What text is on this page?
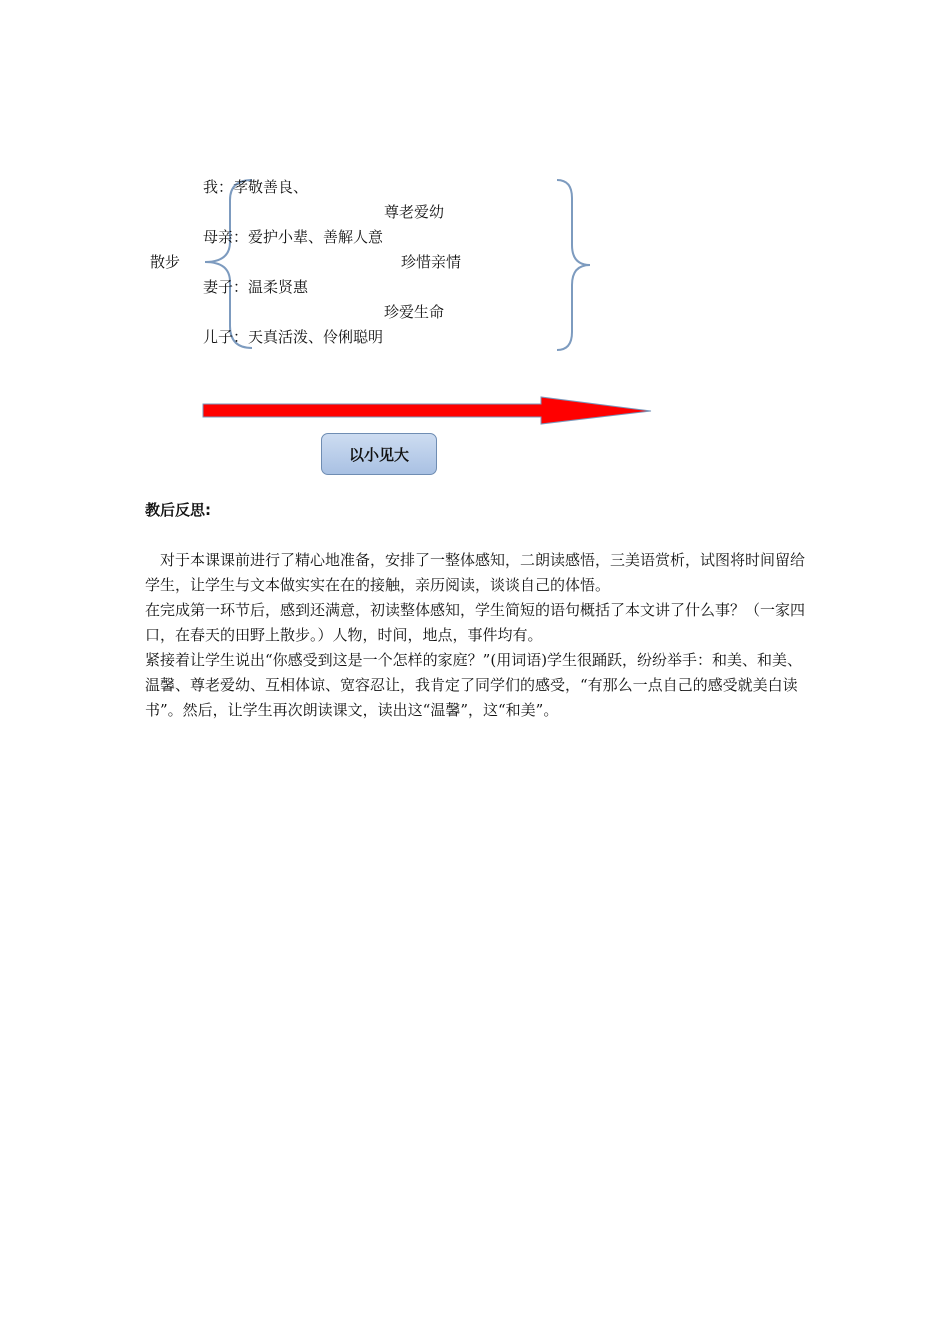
散步
我：孝敬善良、
母亲：爱护小辈、善解人意
妻子：温柔贤惠
儿子：天真活泼、伶俐聪明
尊老爱幼
珍惜亲情
珍爱生命
以小见大
教后反思:

对于本课课前进行了精心地准备，安排了一整体感知，二朗读感悟，三美语赏析，试图将时间留给学生，让学生与文本做实实在在的接触，亲历阅读，谈谈自己的体悟。

在完成第一环节后，感到还满意，初读整体感知，学生简短的语句概括了本文讲了什么事？（一家四口，在春天的田野上散步。）人物，时间，地点，事件均有。

紧接着让学生说出“你感受到这是一个怎样的家庭？”(用词语)学生很踊跃，纷纷举手：和美、和美、温馨、尊老爱幼、互相体谅、宽容忍让，我肯定了同学们的感受，“有那么一点自己的感受就美白读书”。然后，让学生再次朗读课文，读出这“温馨”，这“和美”。
